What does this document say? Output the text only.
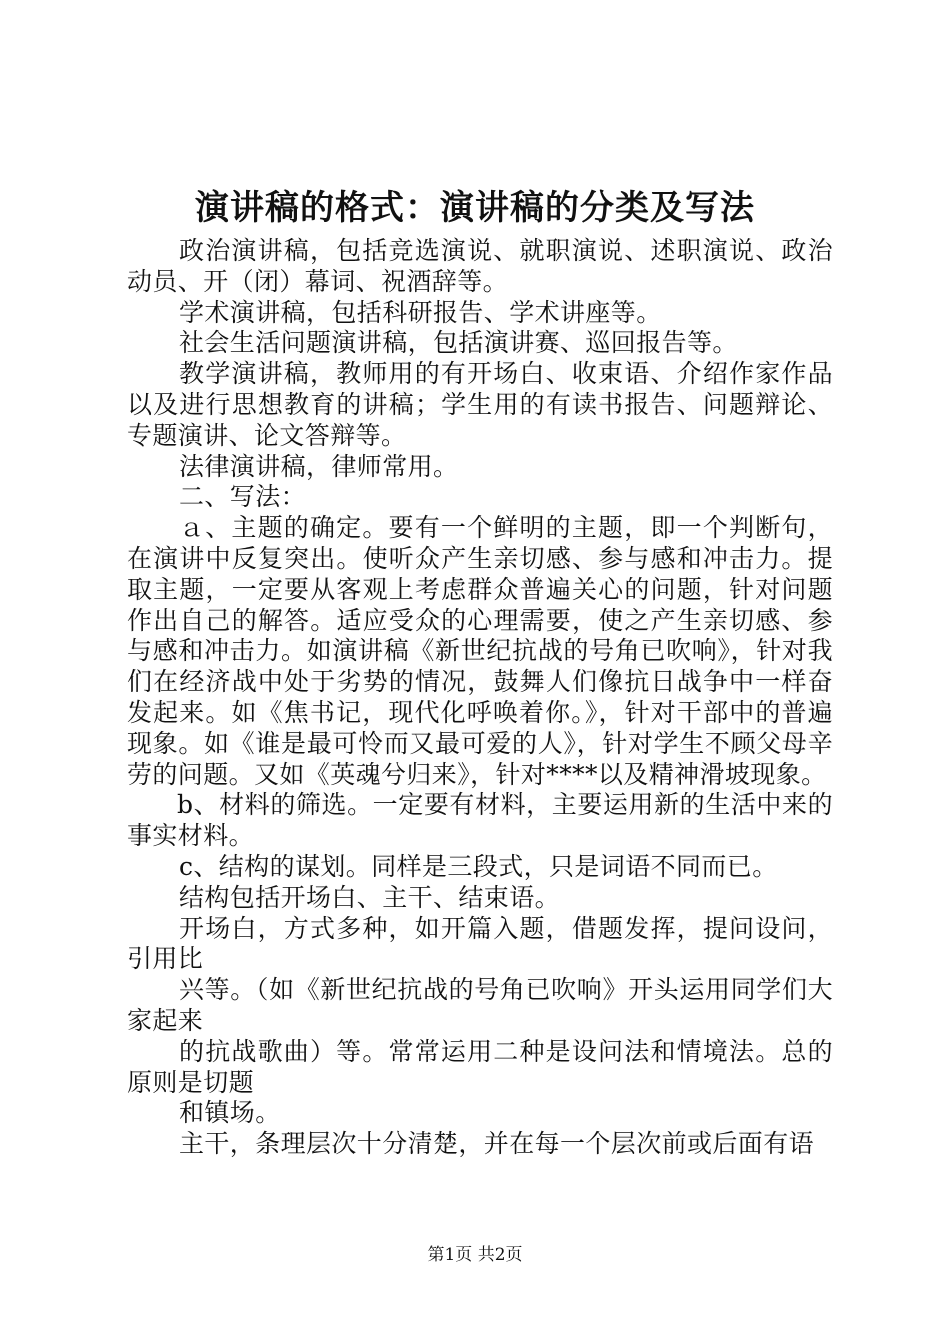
演讲稿的格式：演讲稿的分类及写法

政治演讲稿，包括竞选演说、就职演说、述职演说、政治动员、开（闭）幕词、祝酒辞等。

学术演讲稿，包括科研报告、学术讲座等。

社会生活问题演讲稿，包括演讲赛、巡回报告等。

教学演讲稿，教师用的有开场白、收束语、介绍作家作品以及进行思想教育的讲稿；学生用的有读书报告、问题辩论、专题演讲、论文答辩等。

法律演讲稿，律师常用。

二、写法：

ａ、主题的确定。要有一个鲜明的主题，即一个判断句，在演讲中反复突出。使听众产生亲切感、参与感和冲击力。提取主题，一定要从客观上考虑群众普遍关心的问题，针对问题作出自己的解答。适应受众的心理需要，使之产生亲切感、参与感和冲击力。如演讲稿《新世纪抗战的号角已吹响》，针对我们在经济战中处于劣势的情况，鼓舞人们像抗日战争中一样奋发起来。如《焦书记，现代化呼唤着你。》，针对干部中的普遍现象。如《谁是最可怜而又最可爱的人》，针对学生不顾父母辛劳的问题。又如《英魂兮归来》，针对****以及精神滑坡现象。

b、材料的筛选。一定要有材料，主要运用新的生活中来的事实材料。

c、结构的谋划。同样是三段式，只是词语不同而已。

结构包括开场白、主干、结束语。

开场白，方式多种，如开篇入题，借题发挥，提问设问，引用比

兴等。（如《新世纪抗战的号角已吹响》开头运用同学们大家起来

的抗战歌曲）等。常常运用二种是设问法和情境法。总的原则是切题

和镇场。

主干，条理层次十分清楚，并在每一个层次前或后面有语

第1页 共2页
